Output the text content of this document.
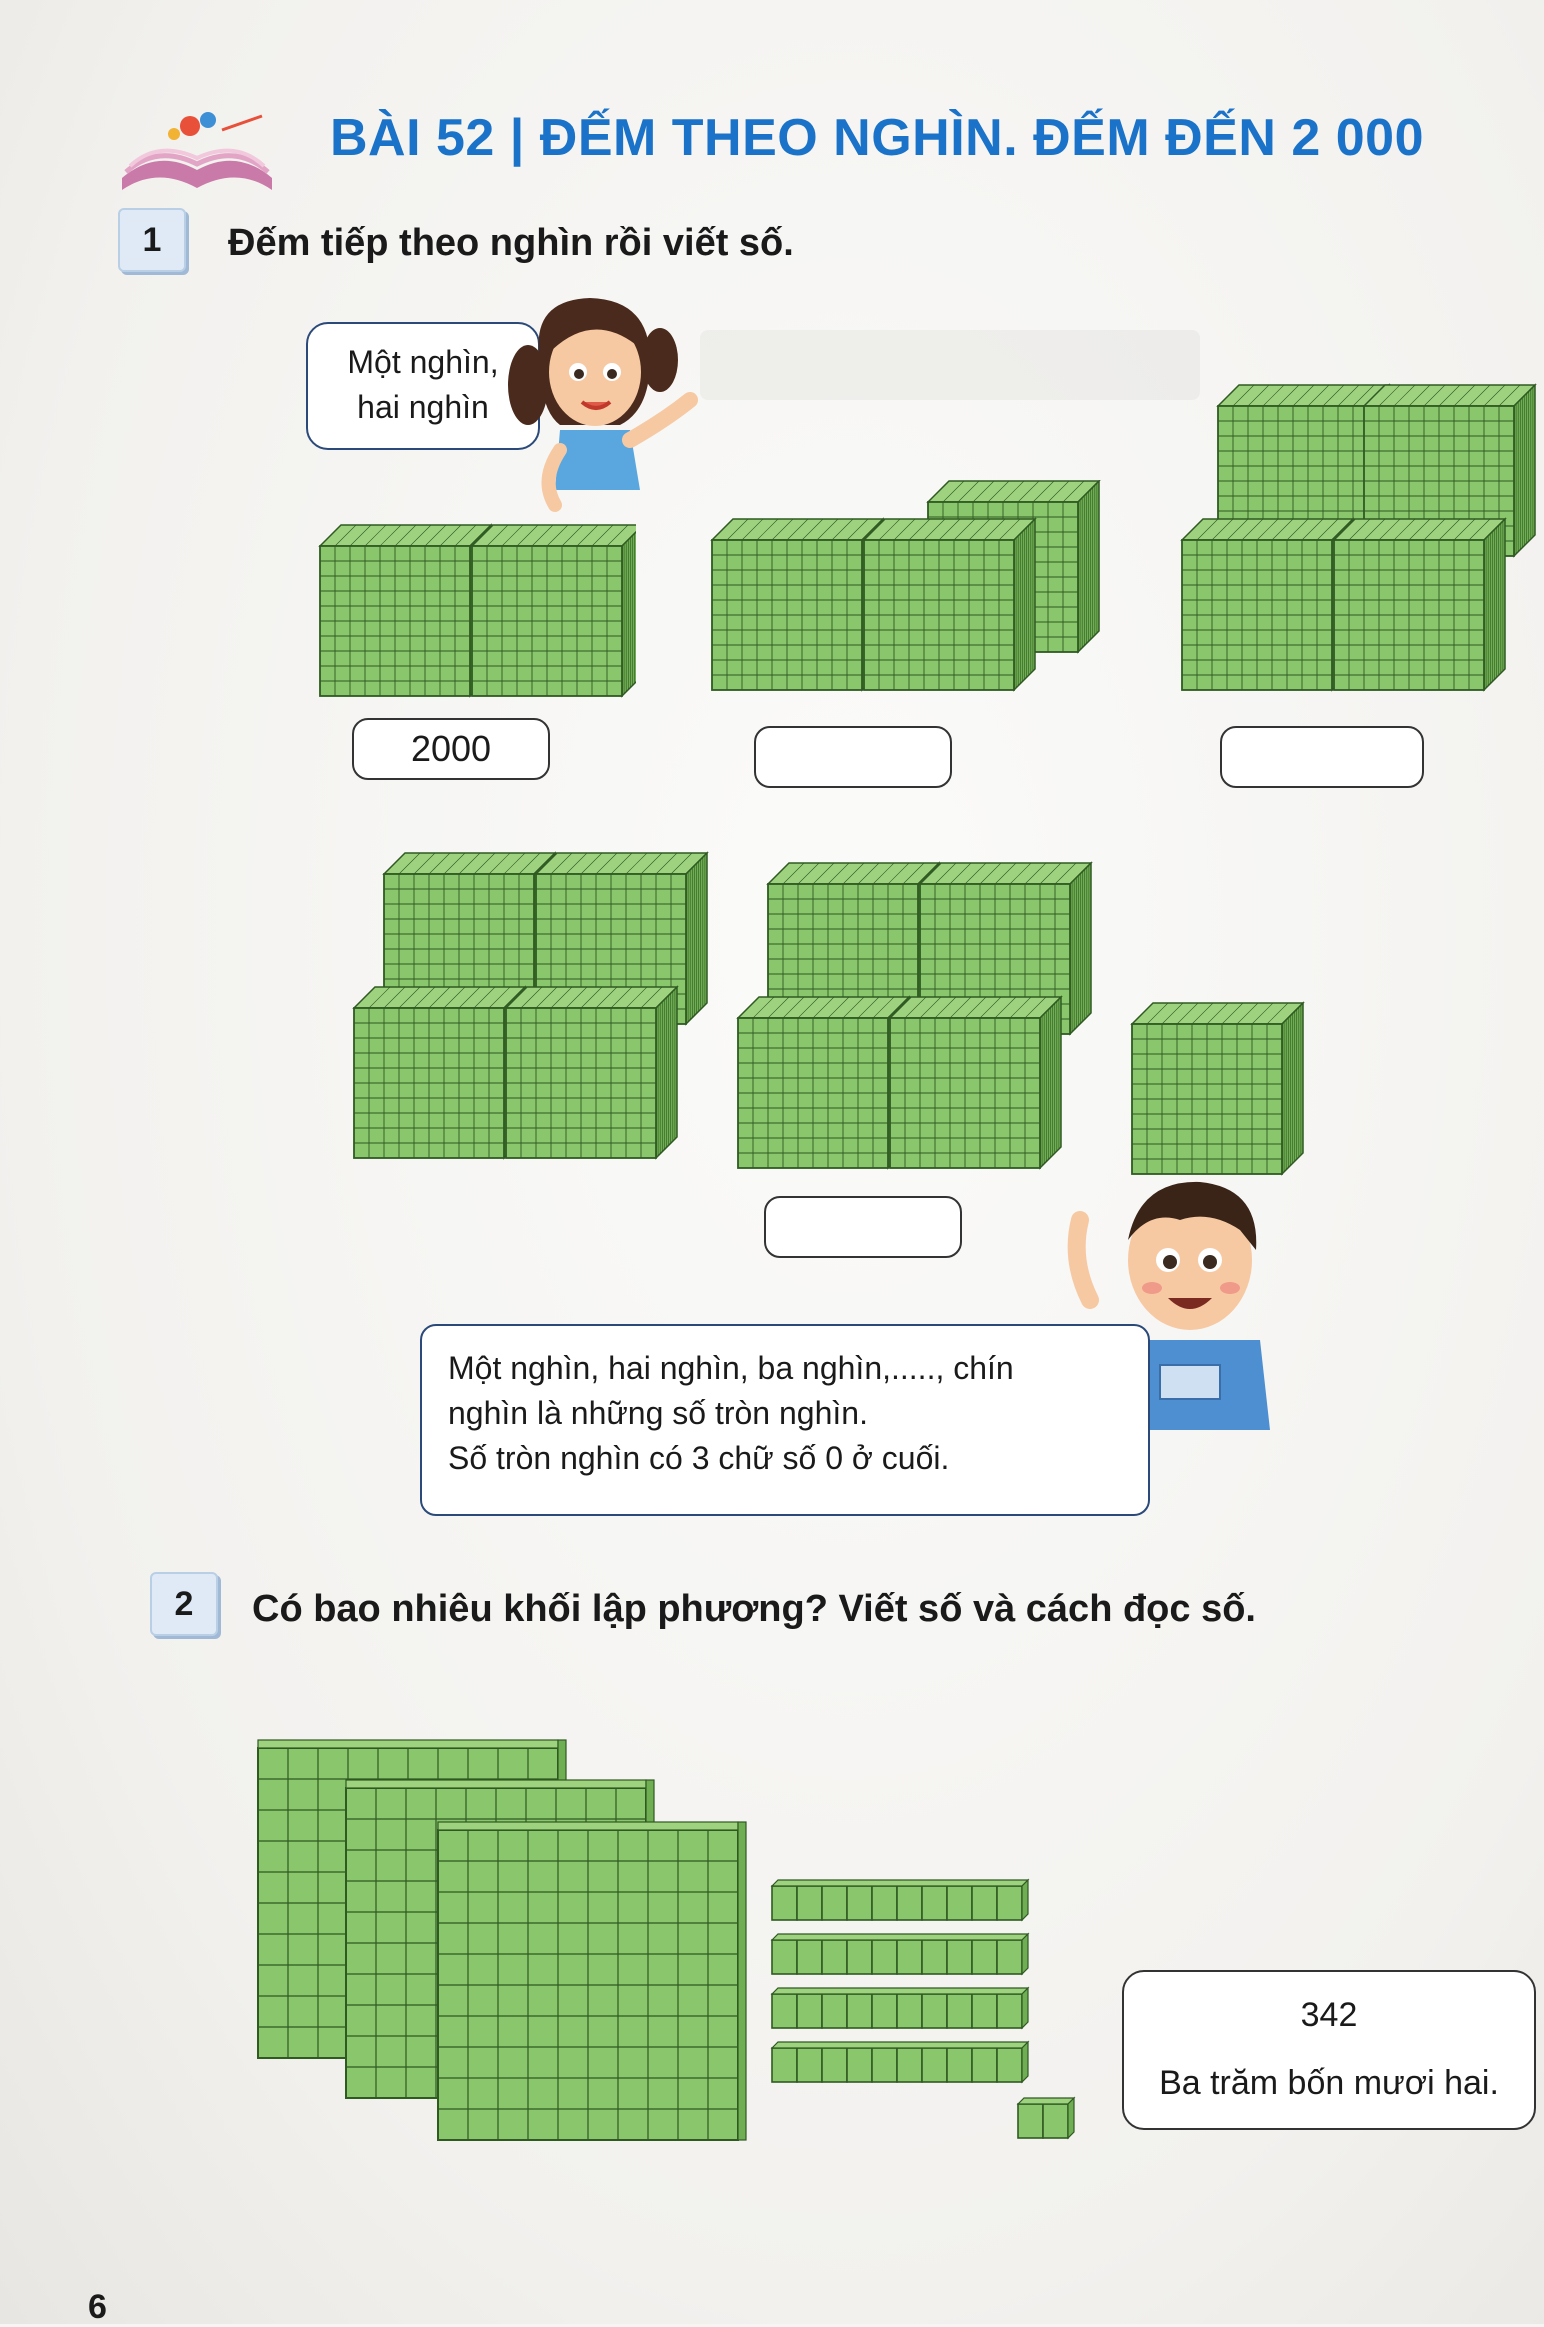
BÀI 52 | ĐẾM THEO NGHÌN. ĐẾM ĐẾN 2 000
1	Đếm tiếp theo nghìn rồi viết số.
Một nghìn,
hai nghìn
2000
Một nghìn, hai nghìn, ba nghìn,....., chín
nghìn là những số tròn nghìn.
Số tròn nghìn có 3 chữ số 0 ở cuối.
2	Có bao nhiêu khối lập phương? Viết số và cách đọc số.
342
Ba trăm bốn mươi hai.
6
